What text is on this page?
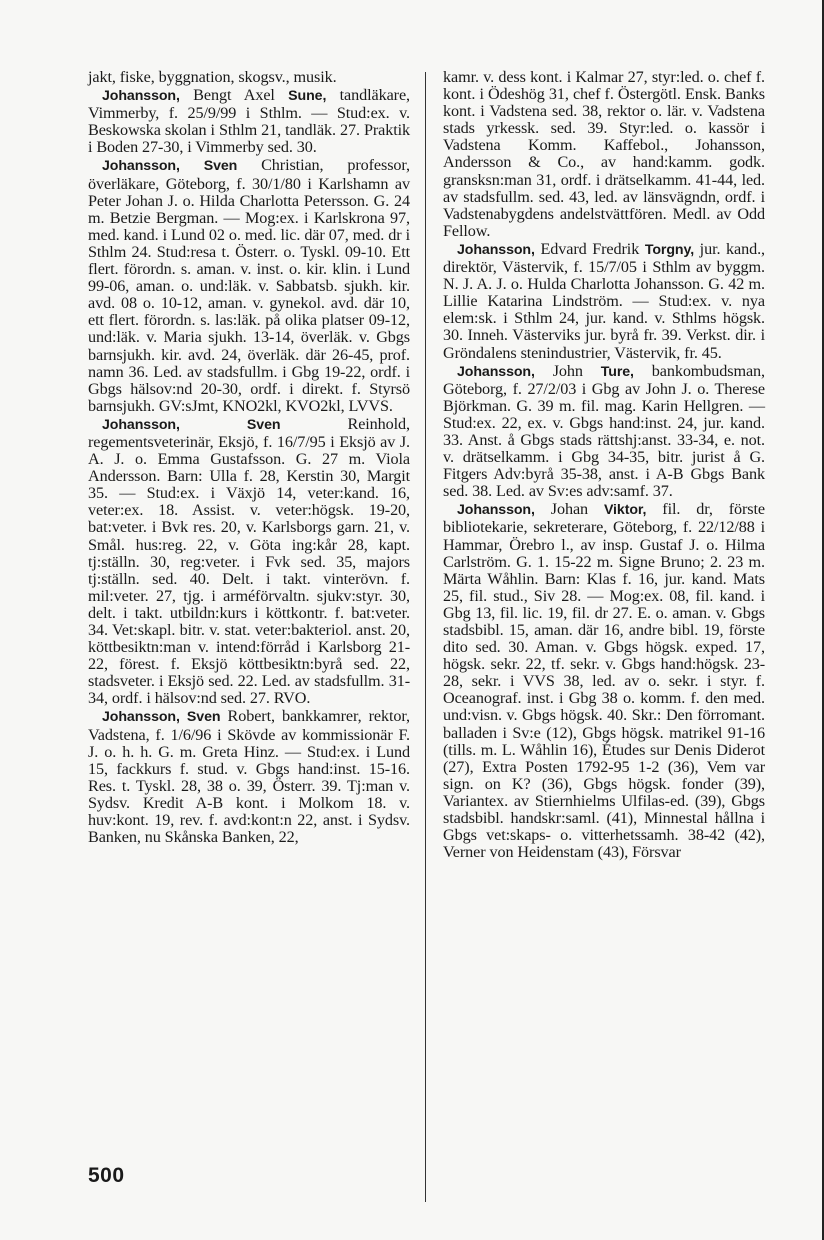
jakt, fiske, byggnation, skogsv., musik.

Johansson, Bengt Axel Sune, tandläkare, Vimmerby, f. 25/9/99 i Sthlm. — Stud:ex. v. Beskowska skolan i Sthlm 21, tandläk. 27. Praktik i Boden 27-30, i Vimmerby sed. 30.

Johansson, Sven Christian, professor, överläkare, Göteborg, f. 30/1/80 i Karlshamn av Peter Johan J. o. Hilda Charlotta Petersson. G. 24 m. Betzie Bergman. — Mog:ex. i Karlskrona 97, med. kand. i Lund 02 o. med. lic. där 07, med. dr i Sthlm 24. Stud:resa t. Österr. o. Tyskl. 09-10. Ett flert. förordn. s. aman. v. inst. o. kir. klin. i Lund 99-06, aman. o. und:läk. v. Sabbatsb. sjukh. kir. avd. 08 o. 10-12, aman. v. gynekol. avd. där 10, ett flert. förordn. s. las:läk. på olika platser 09-12, und:läk. v. Maria sjukh. 13-14, överläk. v. Gbgs barnsjukh. kir. avd. 24, överläk. där 26-45, prof. namn 36. Led. av stadsfullm. i Gbg 19-22, ordf. i Gbgs hälsov:nd 20-30, ordf. i direkt. f. Styrsö barnsjukh. GV:sJmt, KNO2kl, KVO2kl, LVVS.

Johansson,	Sven Reinhold, regementsveterinär, Eksjö, f. 16/7/95 i Eksjö av J. A. J. o. Emma Gustafsson. G. 27 m. Viola Andersson. Barn: Ulla f. 28, Kerstin 30, Margit 35. — Stud:ex. i Växjö 14, veter:kand. 16, veter:ex. 18. Assist. v. veter:högsk. 19-20, bat:veter. i Bvk res. 20, v. Karlsborgs garn. 21, v. Smål. hus:reg. 22, v. Göta ing:kår 28, kapt. tj:ställn. 30, reg:veter. i Fvk sed. 35, majors tj:ställn. sed. 40. Delt. i takt. vinterövn. f. mil:veter. 27, tjg. i arméförvaltn. sjukv:styr. 30, delt. i takt. utbildn:kurs i köttkontr. f. bat:veter. 34. Vet:skapl. bitr. v. stat. veter:bakteriol. anst. 20, köttbesiktn:man v. intend:förråd i Karlsborg 21-22, förest. f. Eksjö köttbesiktn:byrå sed. 22, stadsveter. i Eksjö sed. 22. Led. av stadsfullm. 31-34, ordf. i hälsov:nd sed. 27. RVO.

Johansson, Sven Robert, bankkamrer, rektor, Vadstena, f. 1/6/96 i Skövde av kommissionär F. J. o. h. h. G. m. Greta Hinz. — Stud:ex. i Lund 15, fackkurs f. stud. v. Gbgs hand:inst. 15-16. Res. t. Tyskl. 28, 38 o. 39, Österr. 39. Tj:man v. Sydsv. Kredit A-B kont. i Molkom 18. v. huv:kont. 19, rev. f. avd:kont:n 22, anst. i Sydsv. Banken, nu Skånska Banken, 22,

kamr. v. dess kont. i Kalmar 27, styr:led. o. chef f. kont. i Ödeshög 31, chef f. Östergötl. Ensk. Banks kont. i Vadstena sed. 38, rektor o. lär. v. Vadstena stads yrkessk. sed. 39. Styr:led. o. kassör i Vadstena Komm. Kaffebol., Johansson, Andersson & Co., av hand:kamm. godk. gransksn:man 31, ordf. i drätselkamm. 41-44, led. av stadsfullm. sed. 43, led. av länsvägndn, ordf. i Vadstenabygdens andelstvättfören. Medl. av Odd Fellow.

Johansson, Edvard Fredrik Torgny, jur. kand., direktör, Västervik, f. 15/7/05 i Sthlm av byggm. N. J. A. J. o. Hulda Charlotta Johansson. G. 42 m. Lillie Katarina Lindström. — Stud:ex. v. nya elem:sk. i Sthlm 24, jur. kand. v. Sthlms högsk. 30. Inneh. Västerviks jur. byrå fr. 39. Verkst. dir. i Gröndalens stenindustrier, Västervik, fr. 45.

Johansson, John Ture, bankombudsman, Göteborg, f. 27/2/03 i Gbg av John J. o. Therese Björkman. G. 39 m. fil. mag. Karin Hellgren. — Stud:ex. 22, ex. v. Gbgs hand:inst. 24, jur. kand. 33. Anst. å Gbgs stads rättshj:anst. 33-34, e. not. v. drätselkamm. i Gbg 34-35, bitr. jurist å G. Fitgers Adv:byrå 35-38, anst. i A-B Gbgs Bank sed. 38. Led. av Sv:es adv:samf. 37.

Johansson, Johan Viktor, fil. dr, förste bibliotekarie, sekreterare, Göteborg, f. 22/12/88 i Hammar, Örebro l., av insp. Gustaf J. o. Hilma Carlström. G. 1. 15-22 m. Signe Bruno; 2. 23 m. Märta Wåhlin. Barn: Klas f. 16, jur. kand. Mats 25, fil. stud., Siv 28. — Mog:ex. 08, fil. kand. i Gbg 13, fil. lic. 19, fil. dr 27. E. o. aman. v. Gbgs stadsbibl. 15, aman. där 16, andre bibl. 19, förste dito sed. 30. Aman. v. Gbgs högsk. exped. 17, högsk. sekr. 22, tf. sekr. v. Gbgs hand:högsk. 23-28, sekr. i VVS 38, led. av o. sekr. i styr. f. Oceanograf. inst. i Gbg 38 o. komm. f. den med. und:visn. v. Gbgs högsk. 40. Skr.: Den förromant. balladen i Sv:e (12), Gbgs högsk. matrikel 91-16 (tills. m. L. Wåhlin 16), Études sur Denis Diderot (27), Extra Posten 1792-95 1-2 (36), Vem var sign. on K? (36), Gbgs högsk. fonder (39), Variantex. av Stiernhielms Ulfilas-ed. (39), Gbgs stadsbibl. handskr:saml. (41), Minnestal hållna i Gbgs vet:skaps- o. vitterhetssamh. 38-42 (42), Verner von Heidenstam (43), Försvar

500
